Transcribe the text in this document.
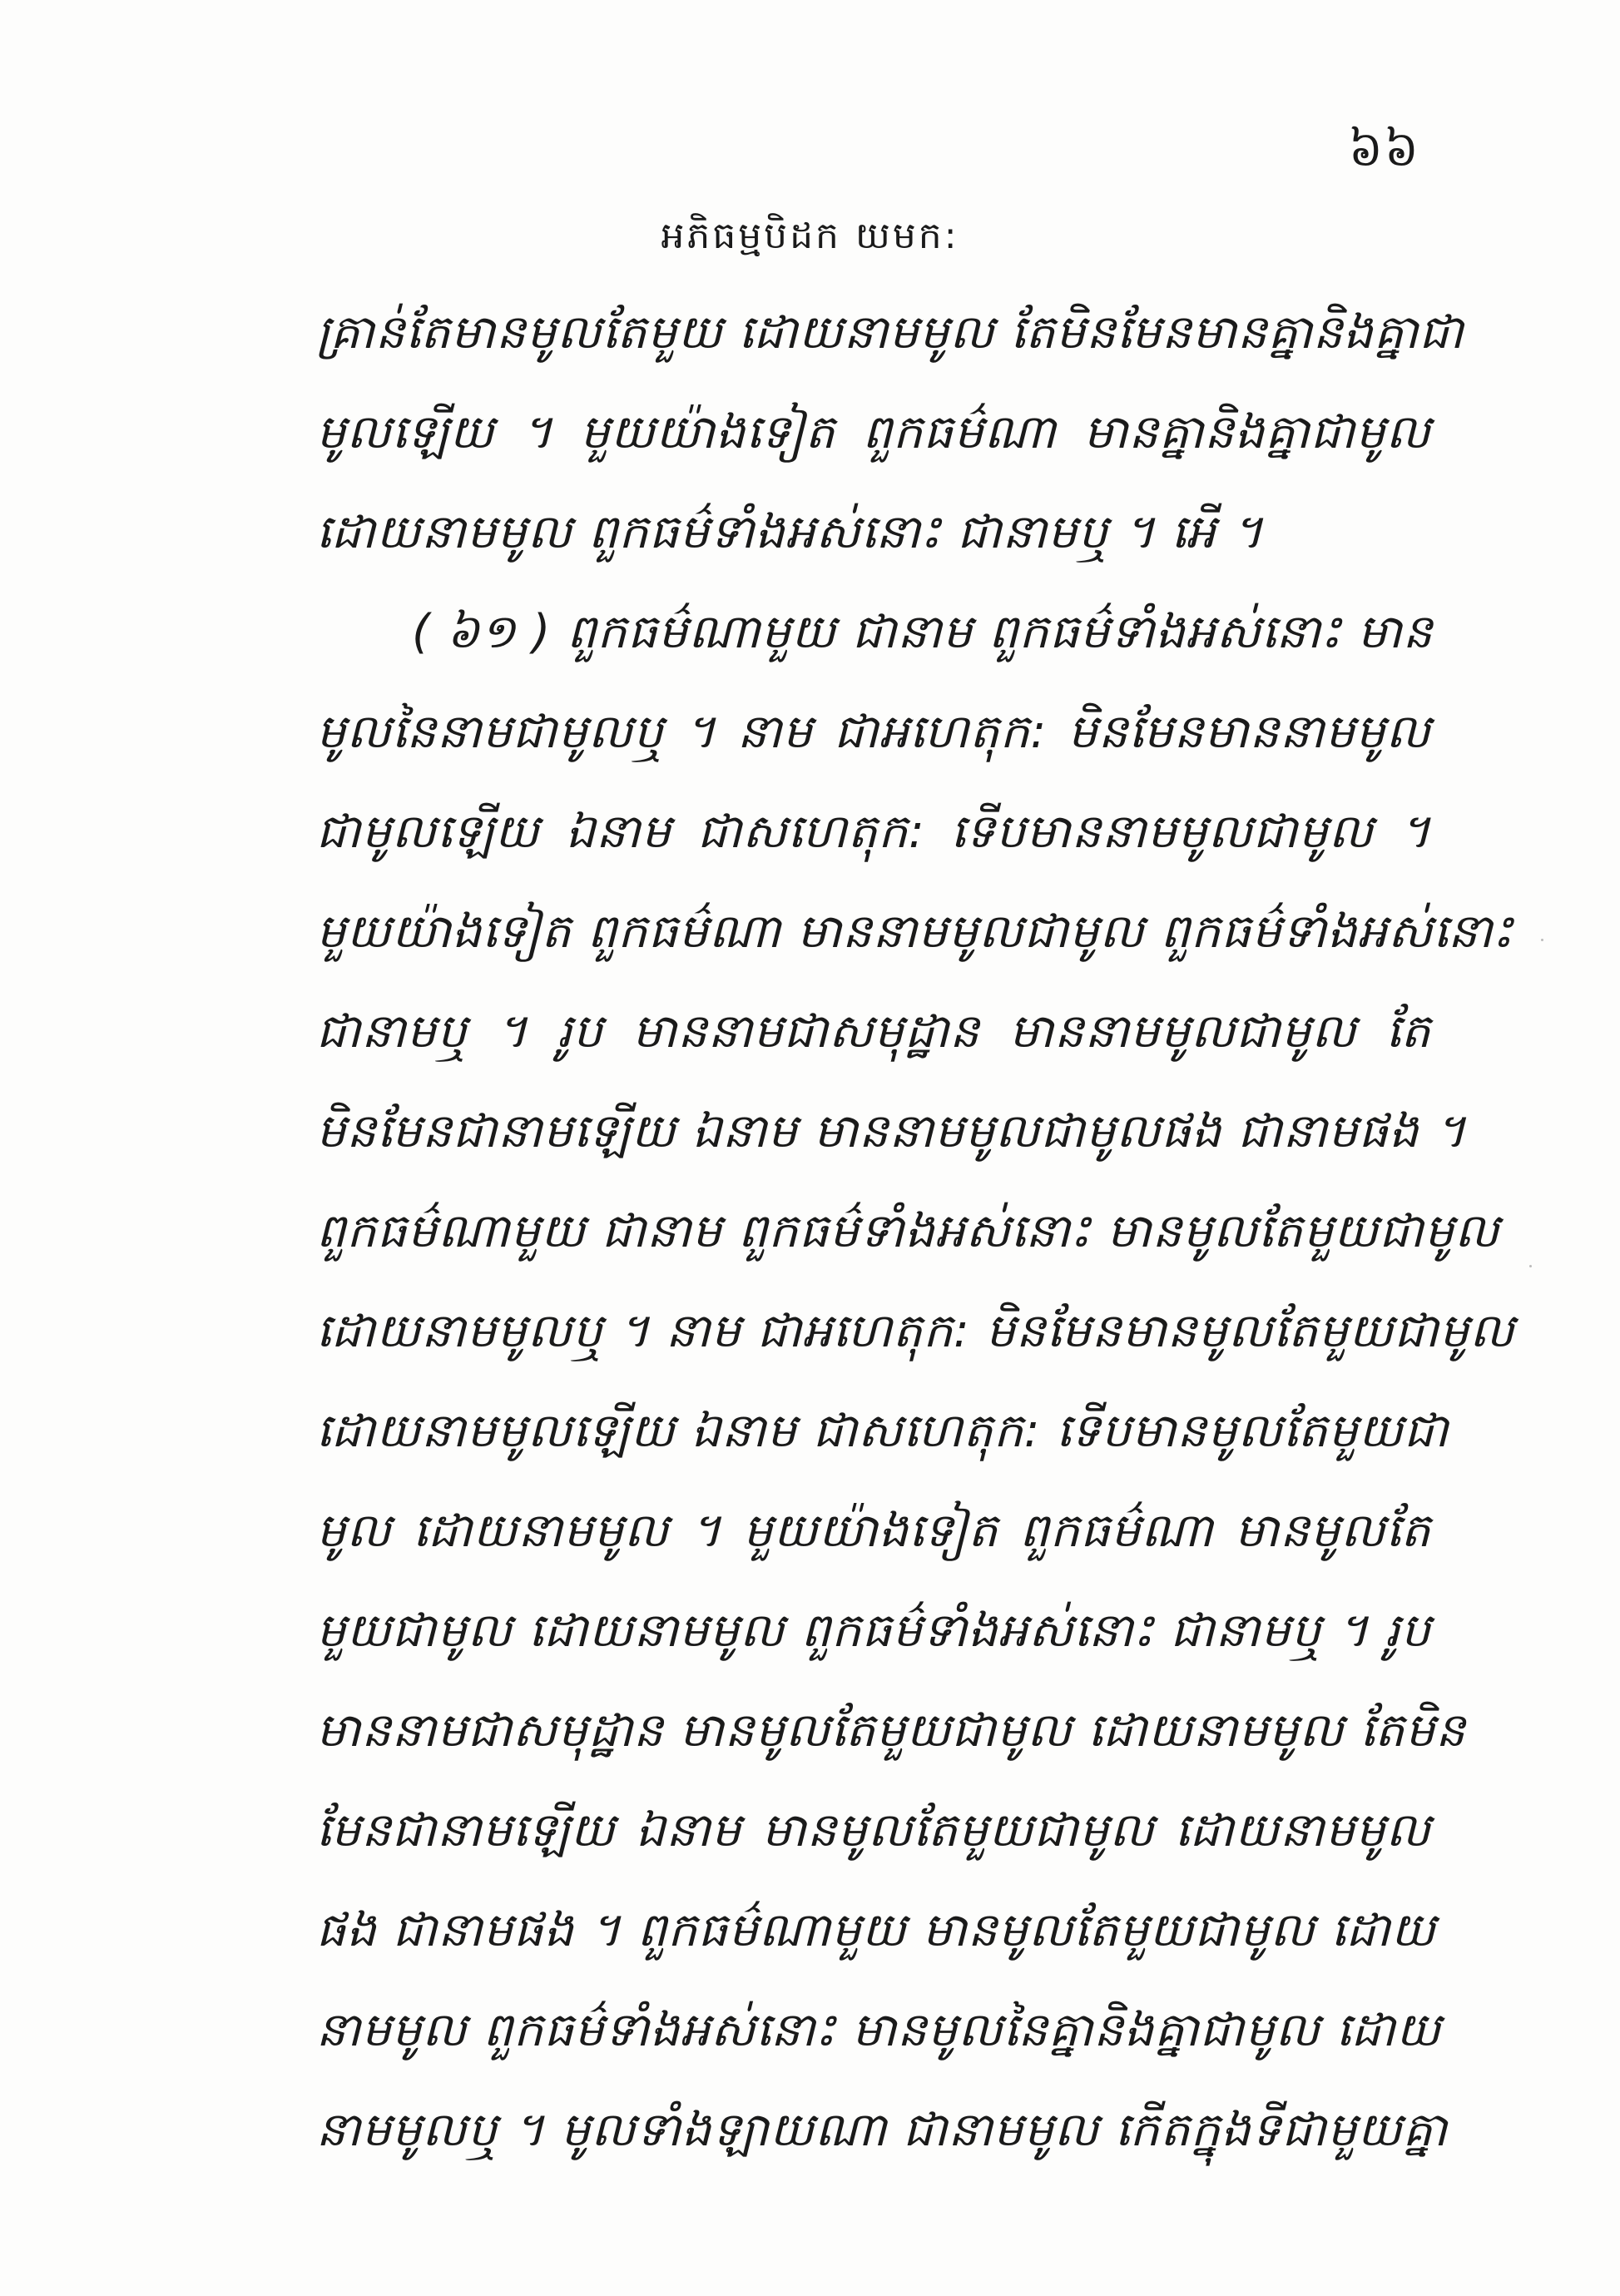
៦៦
អភិធម្មបិដក យមក:
គ្រាន់តែមានមូលតែមួយ ដោយនាមមូល តែមិនមែនមានគ្នានិងគ្នាជា
មូលឡើយ ។ មួយយ៉ាងទៀត ពួកធម៌ណា មានគ្នានិងគ្នាជាមូល
ដោយនាមមូល ពួកធម៌ទាំងអស់នោះ ជានាមឬ ។ អើ ។
( ៦១ ) ពួកធម៌ណាមួយ ជានាម ពួកធម៌ទាំងអស់នោះ មាន
មូលនៃនាមជាមូលឬ ។ នាម ជាអហេតុក: មិនមែនមាននាមមូល
ជាមូលឡើយ ឯនាម ជាសហេតុក: ទើបមាននាមមូលជាមូល ។
មួយយ៉ាងទៀត ពួកធម៌ណា មាននាមមូលជាមូល ពួកធម៌ទាំងអស់នោះ
ជានាមឬ ។ រូប មាននាមជាសមុដ្ឋាន មាននាមមូលជាមូល តែ
មិនមែនជានាមឡើយ ឯនាម មាននាមមូលជាមូលផង ជានាមផង ។
ពួកធម៌ណាមួយ ជានាម ពួកធម៌ទាំងអស់នោះ មានមូលតែមួយជាមូល
ដោយនាមមូលឬ ។ នាម ជាអហេតុក: មិនមែនមានមូលតែមួយជាមូល
ដោយនាមមូលឡើយ ឯនាម ជាសហេតុក: ទើបមានមូលតែមួយជា
មូល ដោយនាមមូល ។ មួយយ៉ាងទៀត ពួកធម៌ណា មានមូលតែ
មួយជាមូល ដោយនាមមូល ពួកធម៌ទាំងអស់នោះ ជានាមឬ ។ រូប
មាននាមជាសមុដ្ឋាន មានមូលតែមួយជាមូល ដោយនាមមូល តែមិន
មែនជានាមឡើយ ឯនាម មានមូលតែមួយជាមូល ដោយនាមមូល
ផង ជានាមផង ។ ពួកធម៌ណាមួយ មានមូលតែមួយជាមូល ដោយ
នាមមូល ពួកធម៌ទាំងអស់នោះ មានមូលនៃគ្នានិងគ្នាជាមូល ដោយ
នាមមូលឬ ។ មូលទាំងឡាយណា ជានាមមូល កើតក្នុងទីជាមួយគ្នា
